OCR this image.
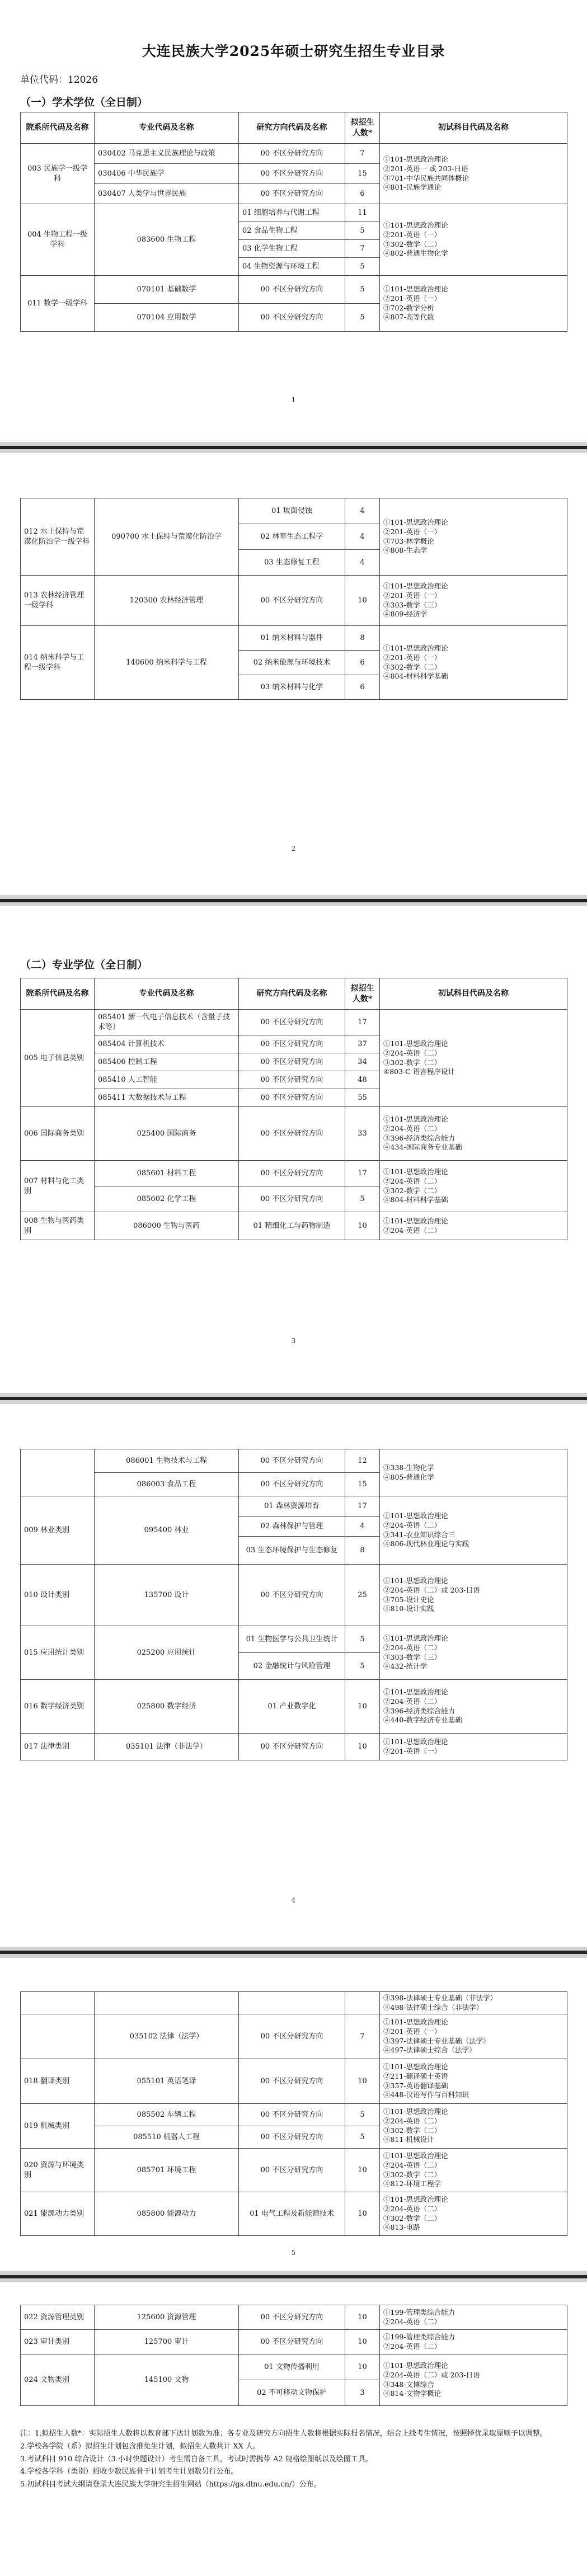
大连民族大学2025年硕士研究生招生专业目录
单位代码：12026
（一）学术学位（全日制）
院系所代码及名称	专业代码及名称	研究方向代码及名称	拟招生人数*	初试科目代码及名称
003 民族学一级学科	030402 马克思主义民族理论与政策	00 不区分研究方向	7	①101-思想政治理论
②201-英语一 或 203-日语
③701-中华民族共同体概论
④801-民族学通论
	030406 中华民族学	00 不区分研究方向	15	
	030407 人类学与世界民族	00 不区分研究方向	6	
004 生物工程一级学科	083600 生物工程	01 细胞培养与代谢工程	11	①101-思想政治理论
②201-英语（一）
③302-数学（二）
④802-普通生物化学
		02 食品生物工程	5	
		03 化学生物工程	7	
		04 生物资源与环境工程	5	
011 数学一级学科	070101 基础数学	00 不区分研究方向	5	①101-思想政治理论
②201-英语（一）
③702-数学分析
④807-高等代数
	070104 应用数学	00 不区分研究方向	5	
1
012 水土保持与荒漠化防治学一级学科	090700 水土保持与荒漠化防治学	01 坡面侵蚀	4	①101-思想政治理论
②201-英语（一）
③703-林学概论
④808-生态学
		02 林草生态工程学	4	
		03 生态修复工程	4	
013 农林经济管理一级学科	120300 农林经济管理	00 不区分研究方向	10	①101-思想政治理论
②201-英语（一）
③303-数学（三）
④809-经济学
014 纳米科学与工程一级学科	140600 纳米科学与工程	01 纳米材料与器件	8	①101-思想政治理论
②201-英语（一）
③302-数学（二）
④804-材料科学基础
		02 纳米能源与环境技术	6	
		03 纳米材料与化学	6	
2
（二）专业学位（全日制）
院系所代码及名称	专业代码及名称	研究方向代码及名称	拟招生人数*	初试科目代码及名称
005 电子信息类别	085401 新一代电子信息技术（含量子技术等）	00 不区分研究方向	17	①101-思想政治理论
②204-英语（二）
③302-数学（二）
④803-C 语言程序设计
	085404 计算机技术	00 不区分研究方向	37	
	085406 控制工程	00 不区分研究方向	34	
	085410 人工智能	00 不区分研究方向	48	
	085411 大数据技术与工程	00 不区分研究方向	55	
006 国际商务类别	025400 国际商务	00 不区分研究方向	33	①101-思想政治理论
②204-英语（二）
③396-经济类综合能力
④434-国际商务专业基础
007 材料与化工类别	085601 材料工程	00 不区分研究方向	17	①101-思想政治理论
②204-英语（二）
③302-数学（二）
④804-材料科学基础
	085602 化学工程	00 不区分研究方向	5	
008 生物与医药类别	086000 生物与医药	01 精细化工与药物制造	10	①101-思想政治理论
②204-英语（二）
3
	086001 生物技术与工程	00 不区分研究方向	12	③338-生物化学
④805-普通化学
	086003 食品工程	00 不区分研究方向	15	
009 林业类别	095400 林业	01 森林资源培育	17	①101-思想政治理论
②204-英语（二）
③341-农业知识综合三
④806-现代林业理论与实践
		02 森林保护与管理	4	
		03 生态环境保护与生态修复	8	
010 设计类别	135700 设计	00 不区分研究方向	25	①101-思想政治理论
②204-英语（二）或 203-日语
③705-设计史论
④810-设计实践
015 应用统计类别	025200 应用统计	01 生物医学与公共卫生统计	5	①101-思想政治理论
②204-英语（二）
③303-数学（三）
④432-统计学
		02 金融统计与风险管理	5	
016 数字经济类别	025800 数字经济	01 产业数字化	10	①101-思想政治理论
②204-英语（二）
③396-经济类综合能力
④440-数字经济专业基础
017 法律类别	035101 法律（非法学）	00 不区分研究方向	10	①101-思想政治理论
②201-英语（一）
4
				③398-法律硕士专业基础（非法学）
④498-法律硕士综合（非法学）
	035102 法律（法学）	00 不区分研究方向	7	①101-思想政治理论
②201-英语（一）
③397-法律硕士专业基础（法学）
④497-法律硕士综合（法学）
018 翻译类别	055101 英语笔译	00 不区分研究方向	10	①101-思想政治理论
②211-翻译硕士英语
③357-英语翻译基础
④448-汉语写作与百科知识
019 机械类别	085502 车辆工程	00 不区分研究方向	5	①101-思想政治理论
②204-英语（二）
③302-数学（二）
④811-机械设计
	085510 机器人工程	00 不区分研究方向	5	
020 资源与环境类别	085701 环境工程	00 不区分研究方向	10	①101-思想政治理论
②204-英语（二）
③302-数学（二）
④812-环境工程学
021 能源动力类别	085800 能源动力	01 电气工程及新能源技术	10	①101-思想政治理论
②204-英语（二）
③302-数学（二）
④813-电路
5
022 资源管理类别	125600 资源管理	00 不区分研究方向	10	①199-管理类综合能力
②204-英语（二）
023 审计类别	125700 审计	00 不区分研究方向	10	①199-管理类综合能力
②204-英语（二）
024 文物类别	145100 文物	01 文物传播利用	10	①101-思想政治理论
②204-英语（二）或 203-日语
③348-文博综合
④814-文物学概论
		02 不可移动文物保护	3	
注：1.拟招生人数*：实际招生人数将以教育部下达计划数为准；各专业及研究方向招生人数将根据实际报名情况，结合上线考生情况，按照择优录取原则予以调整。
2.学校各学院（系）拟招生计划包含推免生计划，拟招生人数共计 XX 人。
3.考试科目 910 综合设计（3 小时快题设计）考生需自备工具，考试时需携带 A2 规格绘图纸以及绘图工具。
4.学校各学科（类别）招收少数民族骨干计划考生计划数另行公布。
5.初试科目考试大纲请登录大连民族大学研究生招生网站（https://gs.dlnu.edu.cn/）公布。
